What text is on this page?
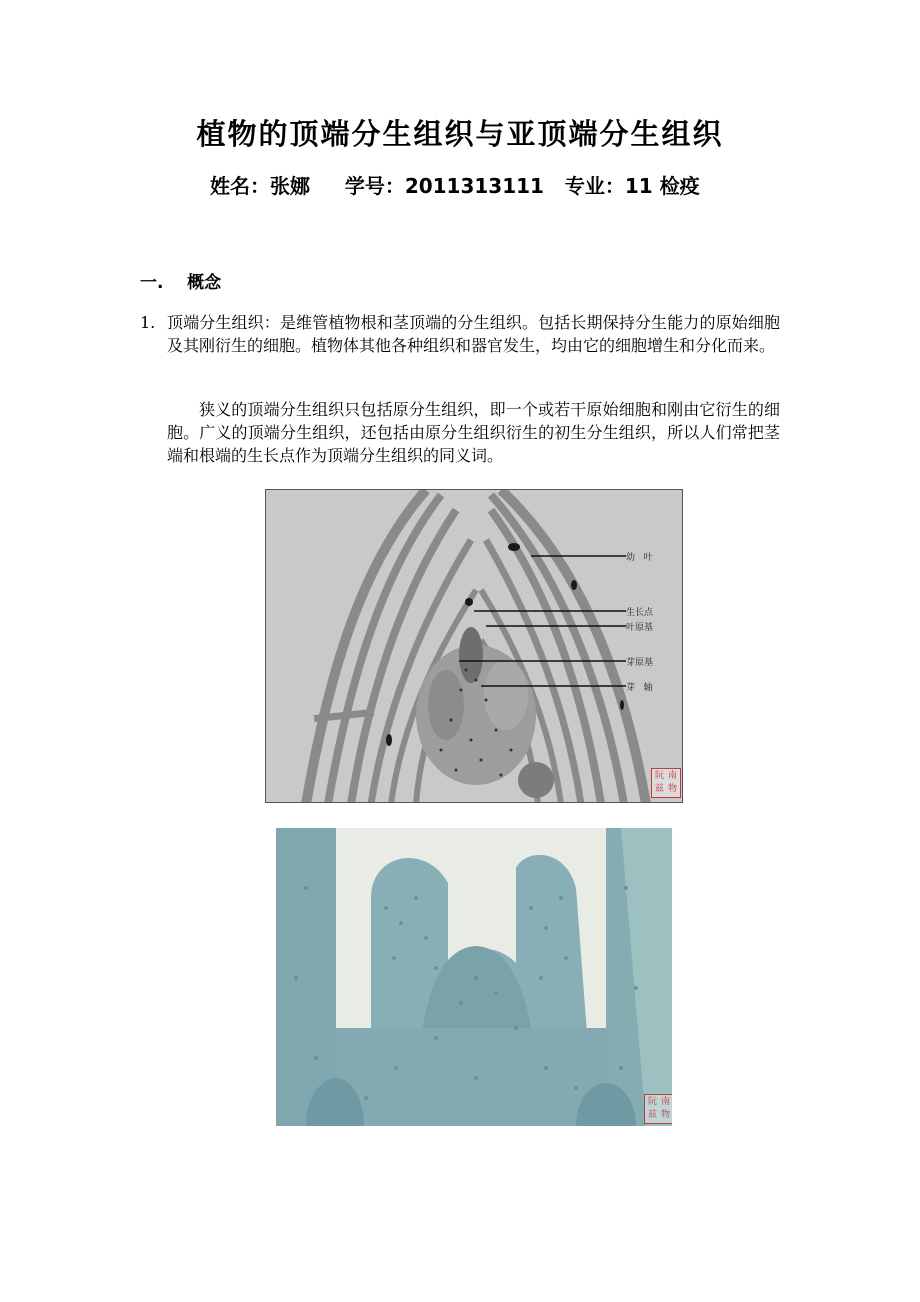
植物的顶端分生组织与亚顶端分生组织
姓名：张娜     学号：2011313111   专业：11 检疫
一.    概念
1. 顶端分生组织：是维管植物根和茎顶端的分生组织。包括长期保持分生能力的原始细胞及其刚衍生的细胞。植物体其他各种组织和器官发生，均由它的细胞增生和分化而来。
狭义的顶端分生组织只包括原分生组织，即一个或若干原始细胞和刚由它衍生的细胞。广义的顶端分生组织，还包括由原分生组织衍生的初生分生组织，所以人们常把茎端和根端的生长点作为顶端分生组织的同义词。
幼   叶
生长点
叶原基
芽原基
芽   轴
阮 南
兹 物
阮 南
兹 物
